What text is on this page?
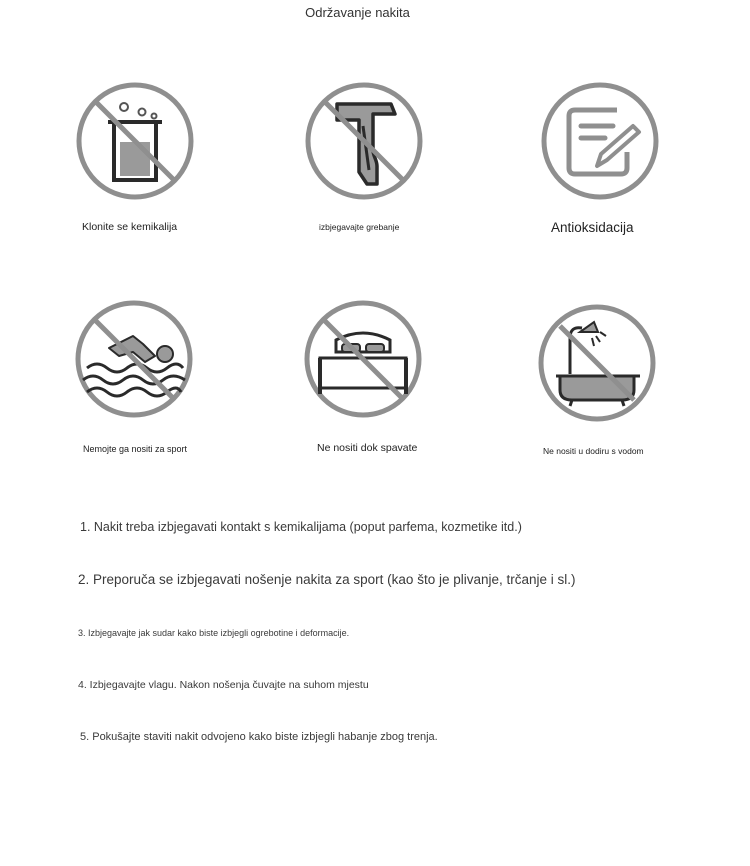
Održavanje nakita
Klonite se kemikalija	izbjegavajte grebanje	Antioksidacija
Nemojte ga nositi za sport	Ne nositi dok spavate	Ne nositi u dodiru s vodom
1. Nakit treba izbjegavati kontakt s kemikalijama (poput parfema, kozmetike itd.)
2. Preporuča se izbjegavati nošenje nakita za sport (kao što je plivanje, trčanje i sl.)
3. Izbjegavajte jak sudar kako biste izbjegli ogrebotine i deformacije.
4. Izbjegavajte vlagu. Nakon nošenja čuvajte na suhom mjestu
5. Pokušajte staviti nakit odvojeno kako biste izbjegli habanje zbog trenja.
